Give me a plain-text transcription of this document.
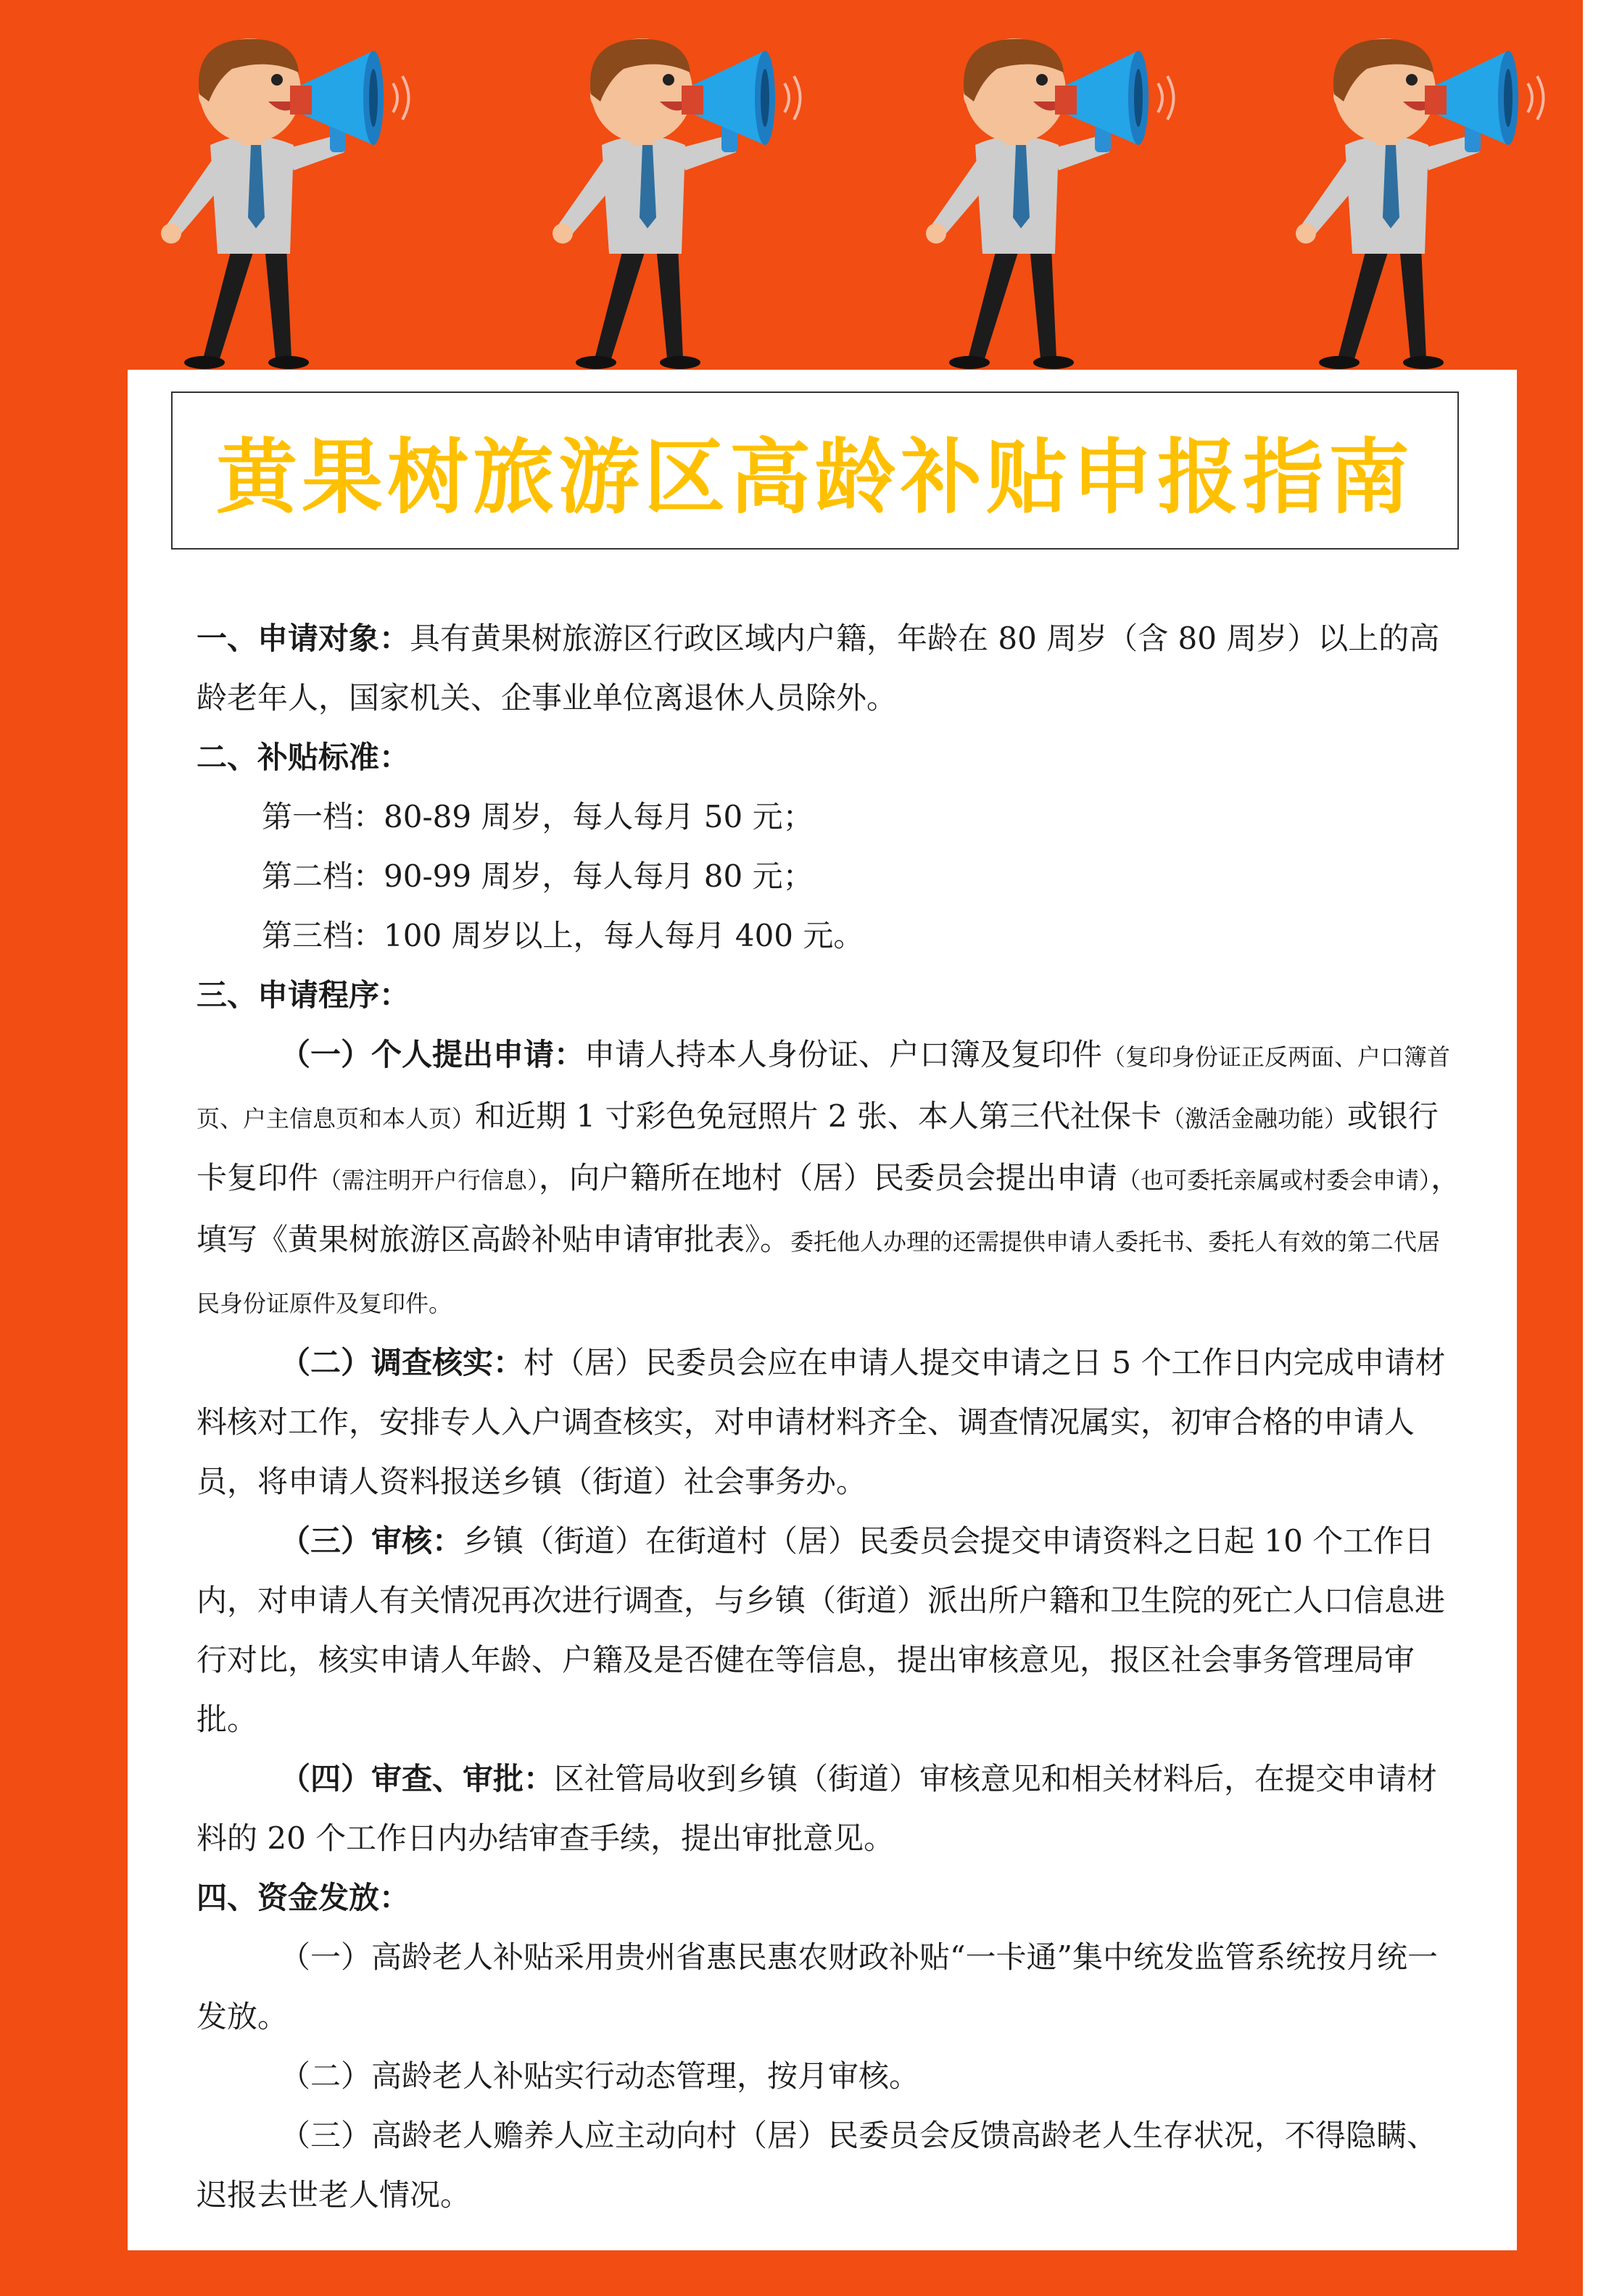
黄果树旅游区高龄补贴申报指南

一、申请对象：具有黄果树旅游区行政区域内户籍，年龄在 80 周岁（含 80 周岁）以上的高龄老年人，国家机关、企事业单位离退休人员除外。

二、补贴标准：

第一档：80-89 周岁，每人每月 50 元；

第二档：90-99 周岁，每人每月 80 元；

第三档：100 周岁以上，每人每月 400 元。

三、申请程序：

（一）个人提出申请：申请人持本人身份证、户口簿及复印件（复印身份证正反两面、户口簿首页、户主信息页和本人页）和近期 1 寸彩色免冠照片 2 张、本人第三代社保卡（激活金融功能）或银行卡复印件（需注明开户行信息），向户籍所在地村（居）民委员会提出申请（也可委托亲属或村委会申请），填写《黄果树旅游区高龄补贴申请审批表》。委托他人办理的还需提供申请人委托书、委托人有效的第二代居民身份证原件及复印件。

（二）调查核实：村（居）民委员会应在申请人提交申请之日 5 个工作日内完成申请材料核对工作，安排专人入户调查核实，对申请材料齐全、调查情况属实，初审合格的申请人员，将申请人资料报送乡镇（街道）社会事务办。

（三）审核：乡镇（街道）在街道村（居）民委员会提交申请资料之日起 10 个工作日内，对申请人有关情况再次进行调查，与乡镇（街道）派出所户籍和卫生院的死亡人口信息进行对比，核实申请人年龄、户籍及是否健在等信息，提出审核意见，报区社会事务管理局审批。

（四）审查、审批：区社管局收到乡镇（街道）审核意见和相关材料后，在提交申请材料的 20 个工作日内办结审查手续，提出审批意见。

四、资金发放：

（一）高龄老人补贴采用贵州省惠民惠农财政补贴“一卡通”集中统发监管系统按月统一发放。

（二）高龄老人补贴实行动态管理，按月审核。

（三）高龄老人赡养人应主动向村（居）民委员会反馈高龄老人生存状况，不得隐瞒、迟报去世老人情况。
